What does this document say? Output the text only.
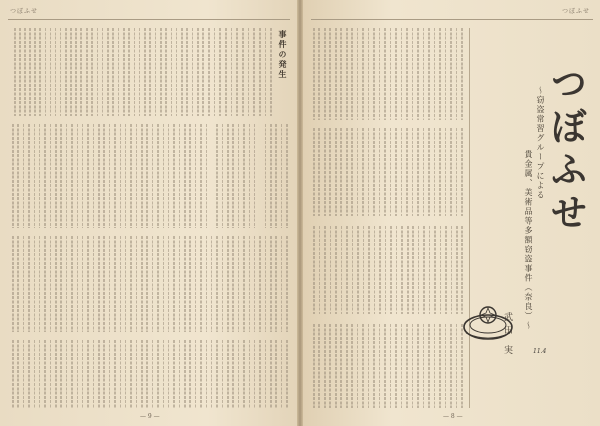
つぼふせ
事件の発生
— 9 —
つぼふせ
つぼふせ
〜窃盗常習グループによる
貴金属、美術品等多額窃盗事件（奈良）〜
武田 実
— 8 —
11.4
